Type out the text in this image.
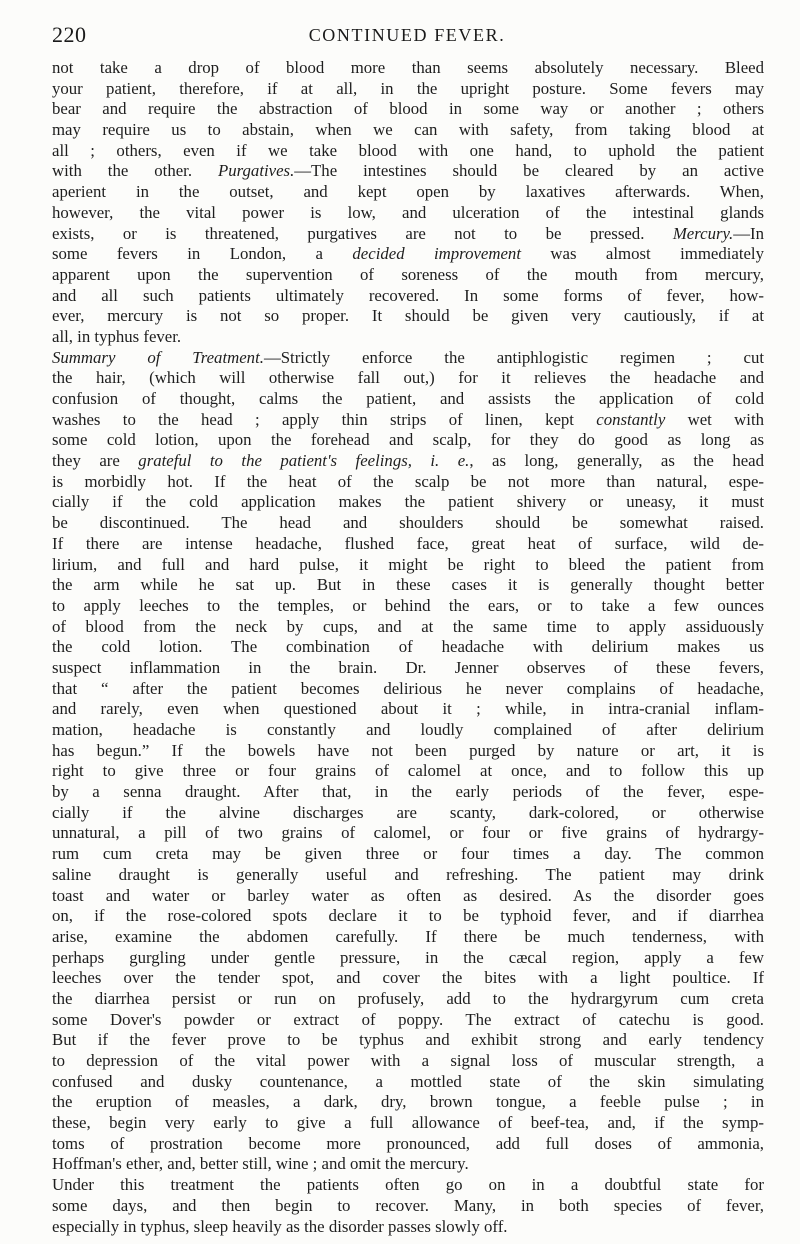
220	CONTINUED FEVER.
not take a drop of blood more than seems absolutely necessary. Bleed
your patient, therefore, if at all, in the upright posture. Some fevers may
bear and require the abstraction of blood in some way or another ; others
may require us to abstain, when we can with safety, from taking blood at
all ; others, even if we take blood with one hand, to uphold the patient
with the other. Purgatives.—The intestines should be cleared by an active
aperient in the outset, and kept open by laxatives afterwards. When,
however, the vital power is low, and ulceration of the intestinal glands
exists, or is threatened, purgatives are not to be pressed. Mercury.—In
some fevers in London, a decided improvement was almost immediately
apparent upon the supervention of soreness of the mouth from mercury,
and all such patients ultimately recovered. In some forms of fever, how-
ever, mercury is not so proper. It should be given very cautiously, if at
all, in typhus fever.
Summary of Treatment.—Strictly enforce the antiphlogistic regimen ; cut
the hair, (which will otherwise fall out,) for it relieves the headache and
confusion of thought, calms the patient, and assists the application of cold
washes to the head ; apply thin strips of linen, kept constantly wet with
some cold lotion, upon the forehead and scalp, for they do good as long as
they are grateful to the patient's feelings, i. e., as long, generally, as the head
is morbidly hot. If the heat of the scalp be not more than natural, espe-
cially if the cold application makes the patient shivery or uneasy, it must
be discontinued. The head and shoulders should be somewhat raised.
If there are intense headache, flushed face, great heat of surface, wild de-
lirium, and full and hard pulse, it might be right to bleed the patient from
the arm while he sat up. But in these cases it is generally thought better
to apply leeches to the temples, or behind the ears, or to take a few ounces
of blood from the neck by cups, and at the same time to apply assiduously
the cold lotion. The combination of headache with delirium makes us
suspect inflammation in the brain. Dr. Jenner observes of these fevers,
that “ after the patient becomes delirious he never complains of headache,
and rarely, even when questioned about it ; while, in intra-cranial inflam-
mation, headache is constantly and loudly complained of after delirium
has begun.” If the bowels have not been purged by nature or art, it is
right to give three or four grains of calomel at once, and to follow this up
by a senna draught. After that, in the early periods of the fever, espe-
cially if the alvine discharges are scanty, dark-colored, or otherwise
unnatural, a pill of two grains of calomel, or four or five grains of hydrargy-
rum cum creta may be given three or four times a day. The common
saline draught is generally useful and refreshing. The patient may drink
toast and water or barley water as often as desired. As the disorder goes
on, if the rose-colored spots declare it to be typhoid fever, and if diarrhea
arise, examine the abdomen carefully. If there be much tenderness, with
perhaps gurgling under gentle pressure, in the cæcal region, apply a few
leeches over the tender spot, and cover the bites with a light poultice. If
the diarrhea persist or run on profusely, add to the hydrargyrum cum creta
some Dover's powder or extract of poppy. The extract of catechu is good.
But if the fever prove to be typhus and exhibit strong and early tendency
to depression of the vital power with a signal loss of muscular strength, a
confused and dusky countenance, a mottled state of the skin simulating
the eruption of measles, a dark, dry, brown tongue, a feeble pulse ; in
these, begin very early to give a full allowance of beef-tea, and, if the symp-
toms of prostration become more pronounced, add full doses of ammonia,
Hoffman's ether, and, better still, wine ; and omit the mercury.
Under this treatment the patients often go on in a doubtful state for
some days, and then begin to recover. Many, in both species of fever,
especially in typhus, sleep heavily as the disorder passes slowly off.
